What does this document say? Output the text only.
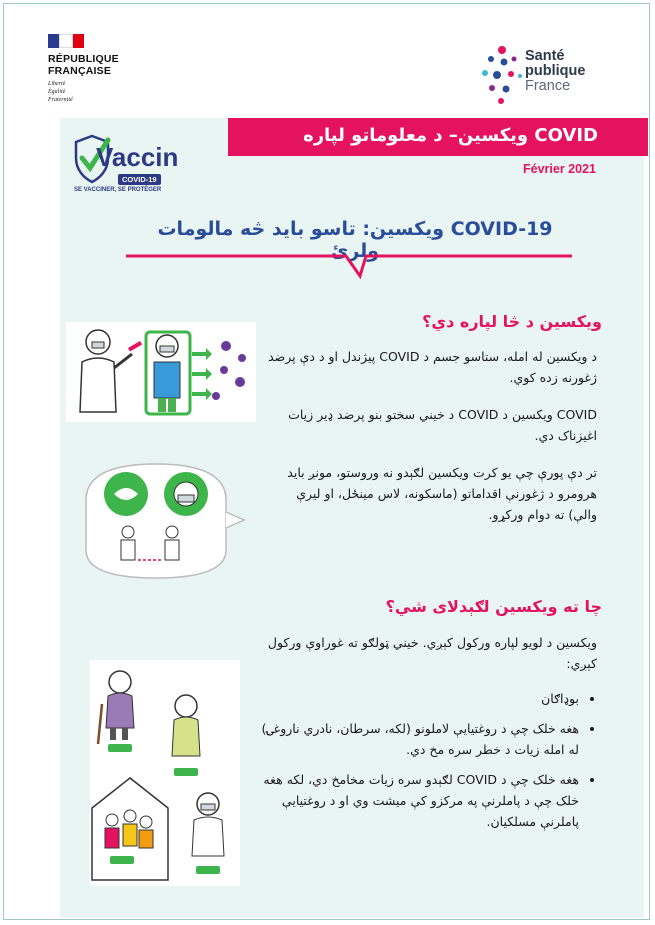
RÉPUBLIQUE
FRANÇAISE
Liberté
Égalité
Fraternité
Santé
publique
France
COVID ویکسین– د معلوماتو لپاره
Février 2021
Vaccin
COVID-19
SE VACCINER, SE PROTÉGER
COVID-19 ویکسین: تاسو باید څه مالومات ولرئ
ویکسین د څا لپاره دي؟

د ویکسین له امله، ستاسو جسم د COVID پیژندل او د دې پرضد ژغورنه زده کوي.

COVID ویکسین د COVID د خیني سختو بنو پرضد ډیر زیات اغیزناک دي.

تر دې پورې چې یو کرت ویکسین لګېدو نه وروستو، مونږ باید هرومرو د ژغورنې اقداماتو (ماسکونه، لاس مینځل، او لیرې والې) ته دوام ورکړو.

چا ته ویکسین لګېدلای شي؟

ویکسین د لویو لپاره ورکول کېږي. خیني ټولګو ته غوراوې ورکول کېږي:

• بوډاګان
• هغه خلک چې د روغتیایې لاملونو (لکه، سرطان، نادري ناروغۍ) له امله زیات د خطر سره مخ دي.
• هغه خلک چې د COVID لګېدو سره زیات مخامخ دي، لکه هغه خلک چې د پاملرنې په مرکزو کې میشت وي او د روغتیایې پاملرنې مسلکیان.
